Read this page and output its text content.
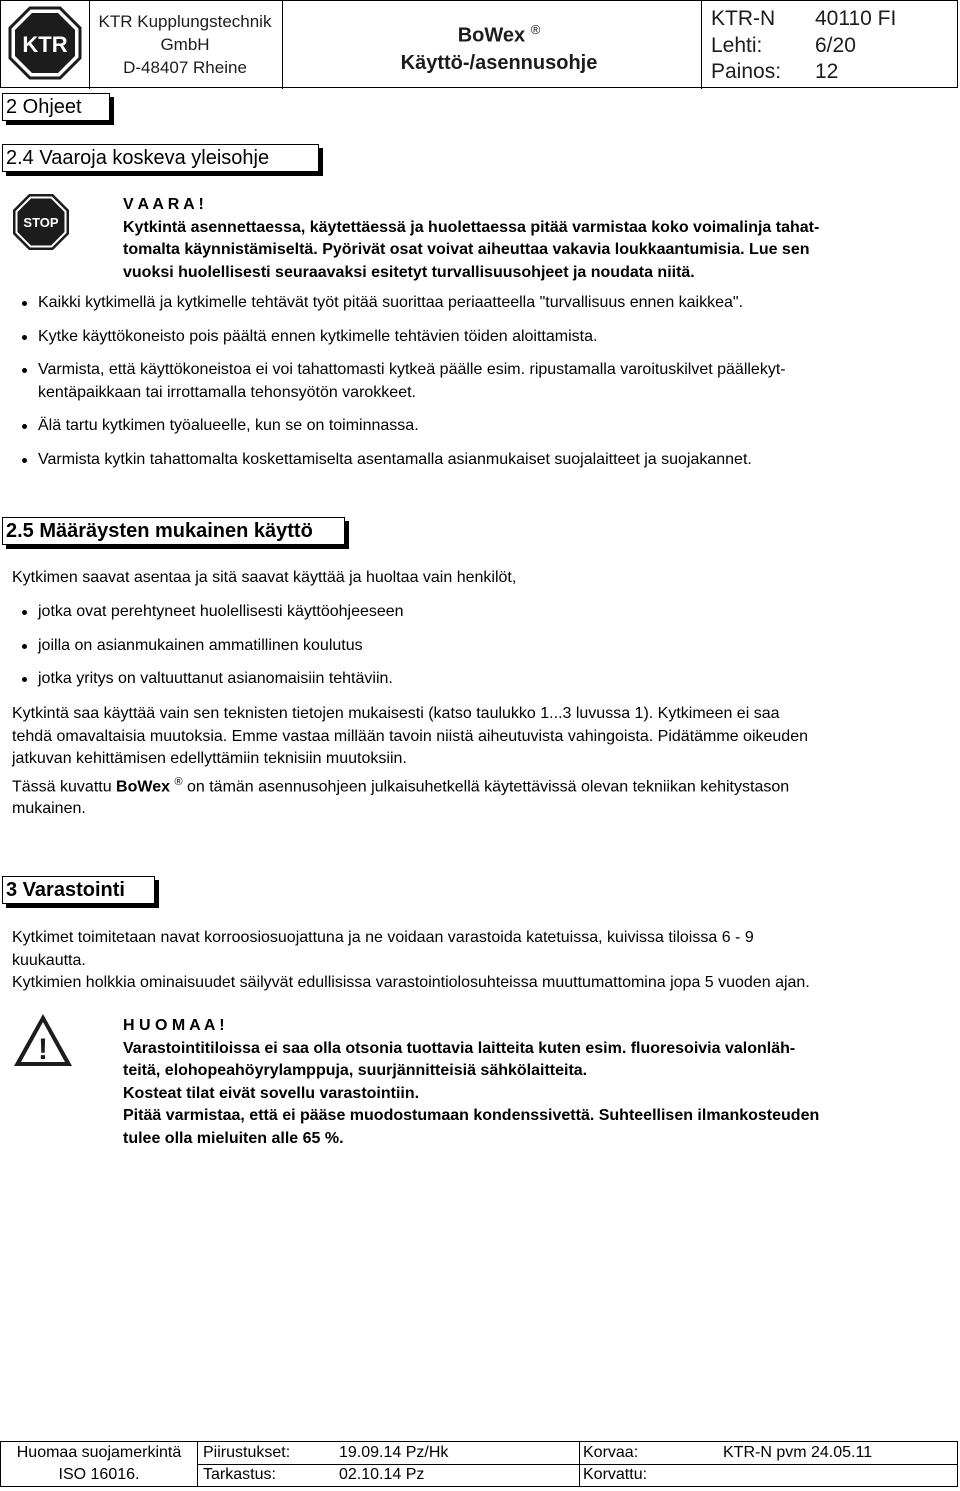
KTR
KTR Kupplungstechnik
GmbH
D-48407 Rheine
BoWex ®
Käyttö-/asennusohje
KTR-N	40110 FI
Lehti:	6/20
Painos:	12
2 Ohjeet
2.4 Vaaroja koskeva yleisohje
STOP
V A A R A !
Kytkintä asennettaessa, käytettäessä ja huolettaessa pitää varmistaa koko voimalinja tahat-
tomalta käynnistämiseltä. Pyörivät osat voivat aiheuttaa vakavia loukkaantumisia. Lue sen
vuoksi huolellisesti seuraavaksi esitetyt turvallisuusohjeet ja noudata niitä.
Kaikki kytkimellä ja kytkimelle tehtävät työt pitää suorittaa periaatteella "turvallisuus ennen kaikkea".
Kytke käyttökoneisto pois päältä ennen kytkimelle tehtävien töiden aloittamista.
Varmista, että käyttökoneistoa ei voi tahattomasti kytkeä päälle esim. ripustamalla varoituskilvet päällekyt-
kentäpaikkaan tai irrottamalla tehonsyötön varokkeet.
Älä tartu kytkimen työalueelle, kun se on toiminnassa.
Varmista kytkin tahattomalta koskettamiselta asentamalla asianmukaiset suojalaitteet ja suojakannet.
2.5 Määräysten mukainen käyttö
Kytkimen saavat asentaa ja sitä saavat käyttää ja huoltaa vain henkilöt,
jotka ovat perehtyneet huolellisesti käyttöohjeeseen
joilla on asianmukainen ammatillinen koulutus
jotka yritys on valtuuttanut asianomaisiin tehtäviin.
Kytkintä saa käyttää vain sen teknisten tietojen mukaisesti (katso taulukko 1...3 luvussa 1). Kytkimeen ei saa
tehdä omavaltaisia muutoksia. Emme vastaa millään tavoin niistä aiheutuvista vahingoista. Pidätämme oikeuden
jatkuvan kehittämisen edellyttämiin teknisiin muutoksiin.
Tässä kuvattu BoWex ® on tämän asennusohjeen julkaisuhetkellä käytettävissä olevan tekniikan kehitystason
mukainen.
3 Varastointi
Kytkimet toimitetaan navat korroosiosuojattuna ja ne voidaan varastoida katetuissa, kuivissa tiloissa 6 - 9
kuukautta.
Kytkimien holkkia ominaisuudet säilyvät edullisissa varastointiolosuhteissa muuttumattomina jopa 5 vuoden ajan.
!
H U O M A A !
Varastointitiloissa ei saa olla otsonia tuottavia laitteita kuten esim. fluoresoivia valonläh-
teitä, elohopeahöyrylamppuja, suurjännitteisiä sähkölaitteita.
Kosteat tilat eivät sovellu varastointiin.
Pitää varmistaa, että ei pääse muodostumaan kondenssivettä. Suhteellisen ilmankosteuden
tulee olla mieluiten alle 65 %.
Huomaa suojamerkintä
ISO 16016.
Piirustukset:	19.09.14 Pz/Hk	Korvaa:	KTR-N pvm 24.05.11
Tarkastus:	02.10.14 Pz	Korvattu:
